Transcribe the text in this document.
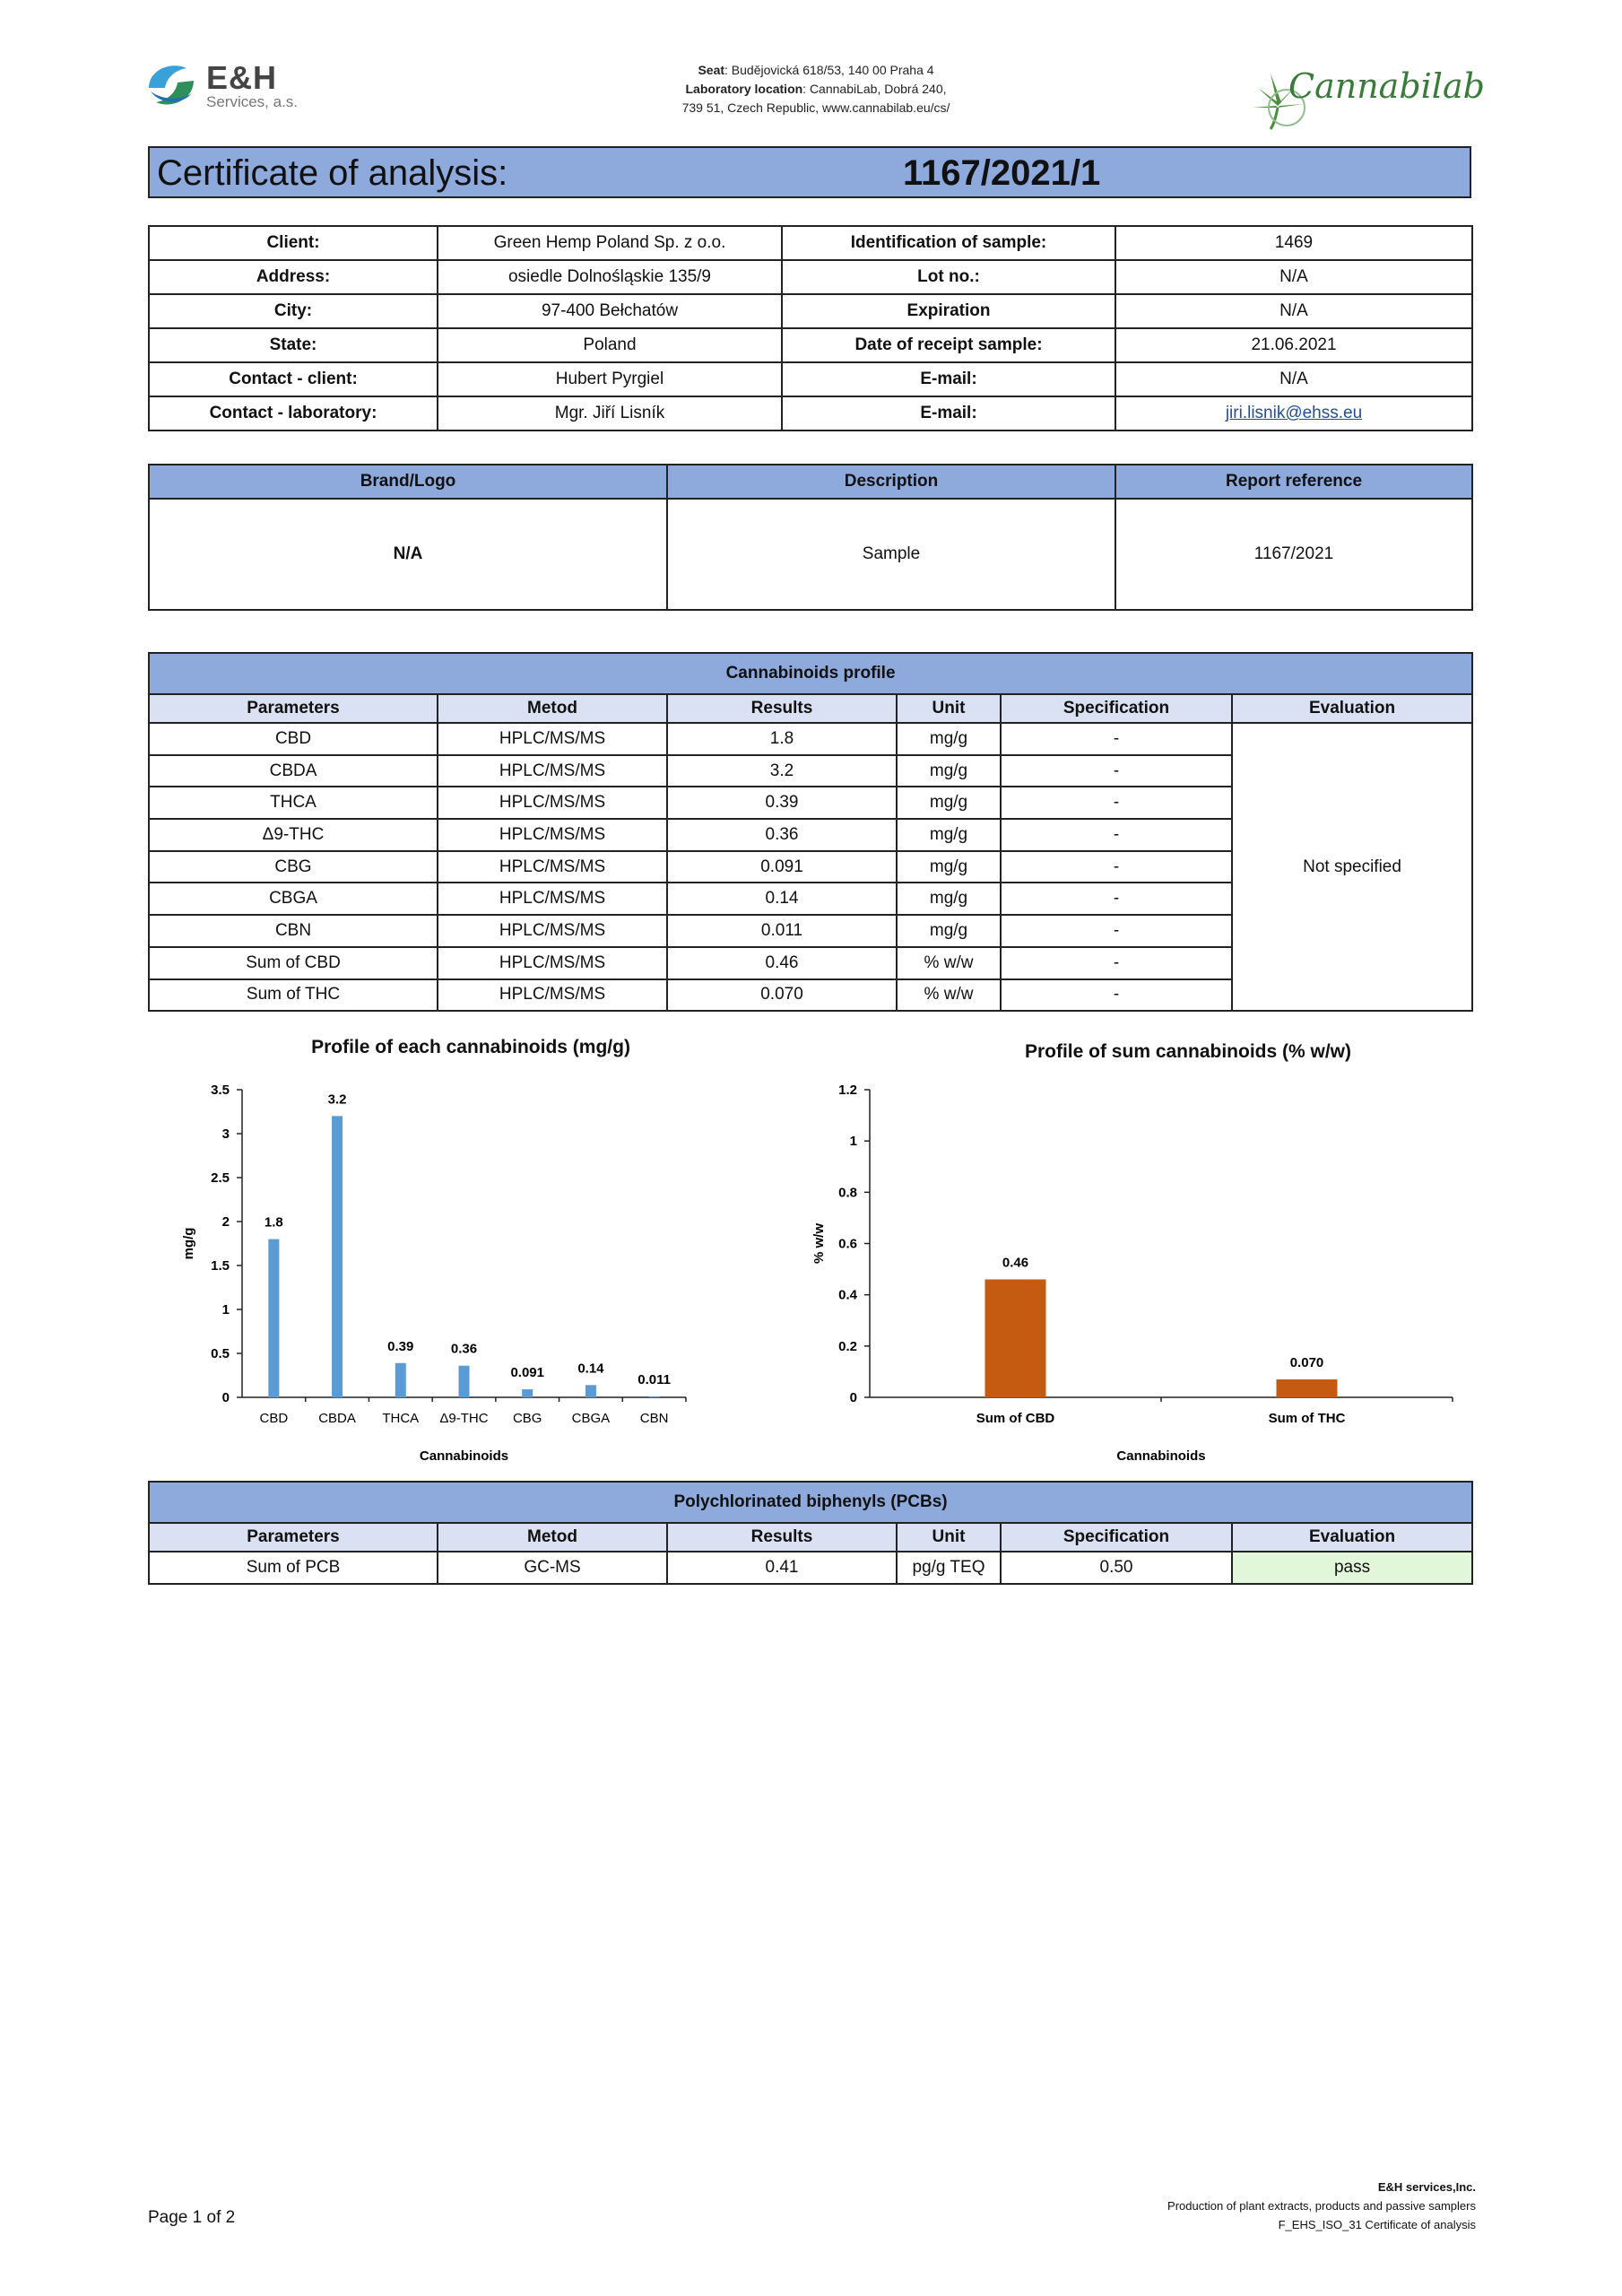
E&H
Services, a.s.
Seat: Budějovická 618/53, 140 00 Praha 4
Laboratory location: CannabiLab, Dobrá 240,
739 51, Czech Republic, www.cannabilab.eu/cs/
Cannabilab
Certificate of analysis:	1167/2021/1
Client:	Green Hemp Poland Sp. z o.o.	Identification of sample:	1469
Address:	osiedle Dolnośląskie 135/9	Lot no.:	N/A
City:	97-400 Bełchatów	Expiration	N/A
State:	Poland	Date of receipt sample:	21.06.2021
Contact - client:	Hubert Pyrgiel	E-mail:	N/A
Contact - laboratory:	Mgr. Jiří Lisník	E-mail:	jiri.lisnik@ehss.eu
Brand/Logo	Description	Report reference
N/A	Sample	1167/2021
Cannabinoids profile					
Parameters	Metod	Results	Unit	Specification	Evaluation
CBD	HPLC/MS/MS	1.8	mg/g	-	Not specified
CBDA	HPLC/MS/MS	3.2	mg/g	-	
THCA	HPLC/MS/MS	0.39	mg/g	-	
Δ9-THC	HPLC/MS/MS	0.36	mg/g	-	
CBG	HPLC/MS/MS	0.091	mg/g	-	
CBGA	HPLC/MS/MS	0.14	mg/g	-	
CBN	HPLC/MS/MS	0.011	mg/g	-	
Sum of CBD	HPLC/MS/MS	0.46	% w/w	-	
Sum of THC	HPLC/MS/MS	0.070	% w/w	-	
Profile of each cannabinoids (mg/g)
0
0.5
1
1.5
2
2.5
3
3.5
1.8
CBD
3.2
CBDA
0.39
THCA
0.36
Δ9-THC
0.091
CBG
0.14
CBGA
0.011
CBN
Cannabinoids
mg/g
Profile of sum cannabinoids (% w/w)
0
0.2
0.4
0.6
0.8
1
1.2
0.46
Sum of CBD
0.070
Sum of THC
Cannabinoids
% w/w
Polychlorinated biphenyls (PCBs)					
Parameters	Metod	Results	Unit	Specification	Evaluation
Sum of PCB	GC-MS	0.41	pg/g TEQ	0.50	pass
Page 1 of 2
E&H services,Inc.
Production of plant extracts, products and passive samplers
F_EHS_ISO_31 Certificate of analysis
